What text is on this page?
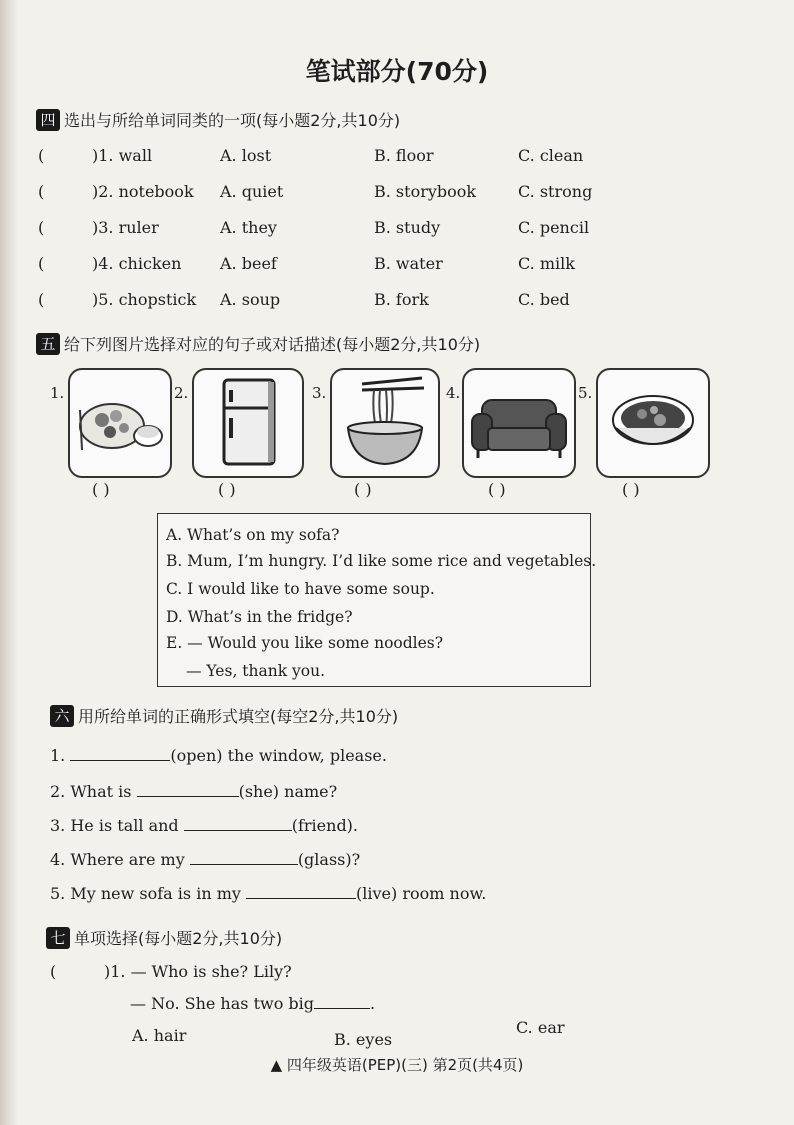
笔试部分(70分)
四 选出与所给单词同类的一项(每小题2分,共10分)
(	)1. wall	A. lost	B. floor	C. clean
(	)2. notebook A. quiet	B. storybook	C. strong
(	)3. ruler	A. they	B. study	C. pencil
(	)4. chicken A. beef	B. water	C. milk
(	)5. chopstick A. soup	B. fork	C. bed
五 给下列图片选择对应的句子或对话描述(每小题2分,共10分)
1.
( )
2.
( )
3.
( )
4.
( )
5.
( )
A. What’s on my sofa?
B. Mum, I’m hungry. I’d like some rice and vegetables.
C. I would like to have some soup.
D. What’s in the fridge?
E. — Would you like some noodles?
— Yes, thank you.
六 用所给单词的正确形式填空(每空2分,共10分)
1.	(open) the window, please.
2. What is	(she) name?
3. He is tall and	(friend).
4. Where are my	(glass)?
5. My new sofa is in my	(live) room now.
七 单项选择(每小题2分,共10分)
(	)1. — Who is she? Lily?
— No. She has two big	.
A. hair	B. eyes
C. ear
▲ 四年级英语(PEP)(三) 第2页(共4页)
